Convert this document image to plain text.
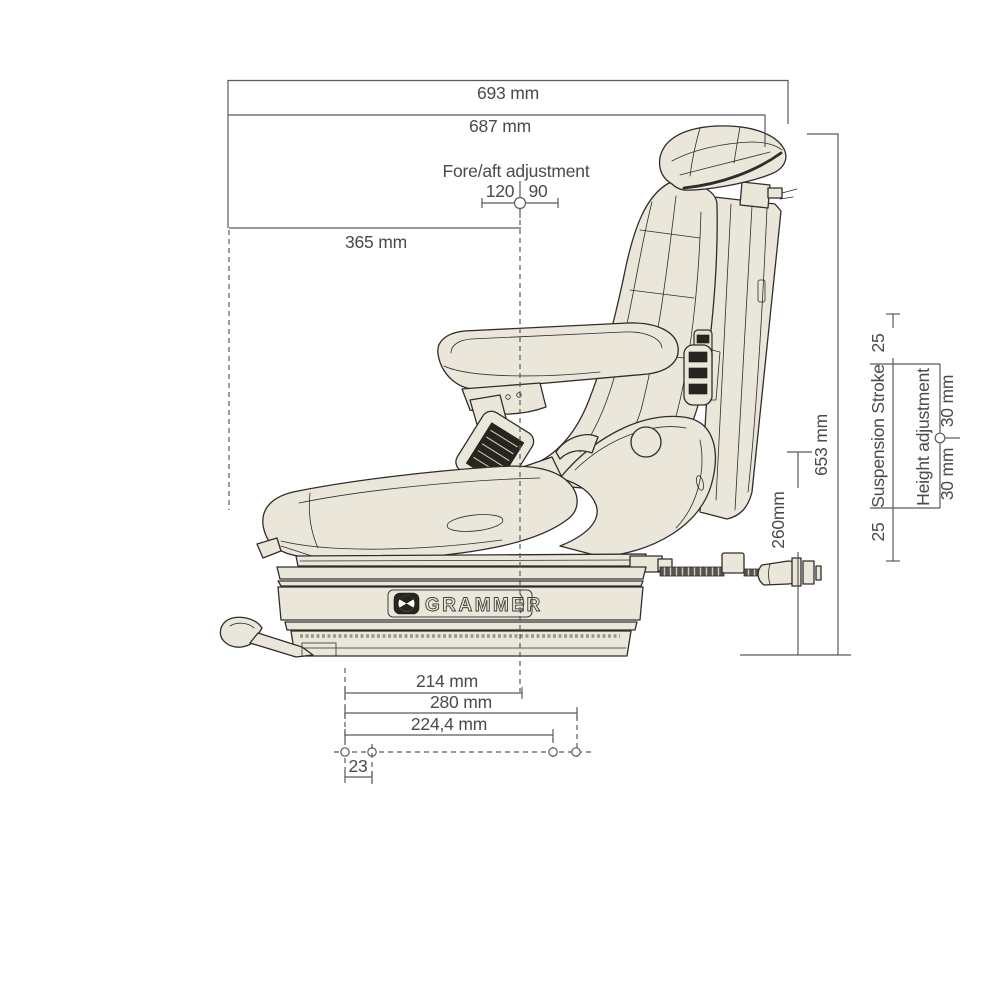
GRAMMER
693 mm
687 mm
365 mm
Fore/aft adjustment
120 90
653 mm
260mm
25
Suspension Stroke
25
Height adjustment 30 mm
30 mm
214 mm
280 mm
224,4 mm
23
